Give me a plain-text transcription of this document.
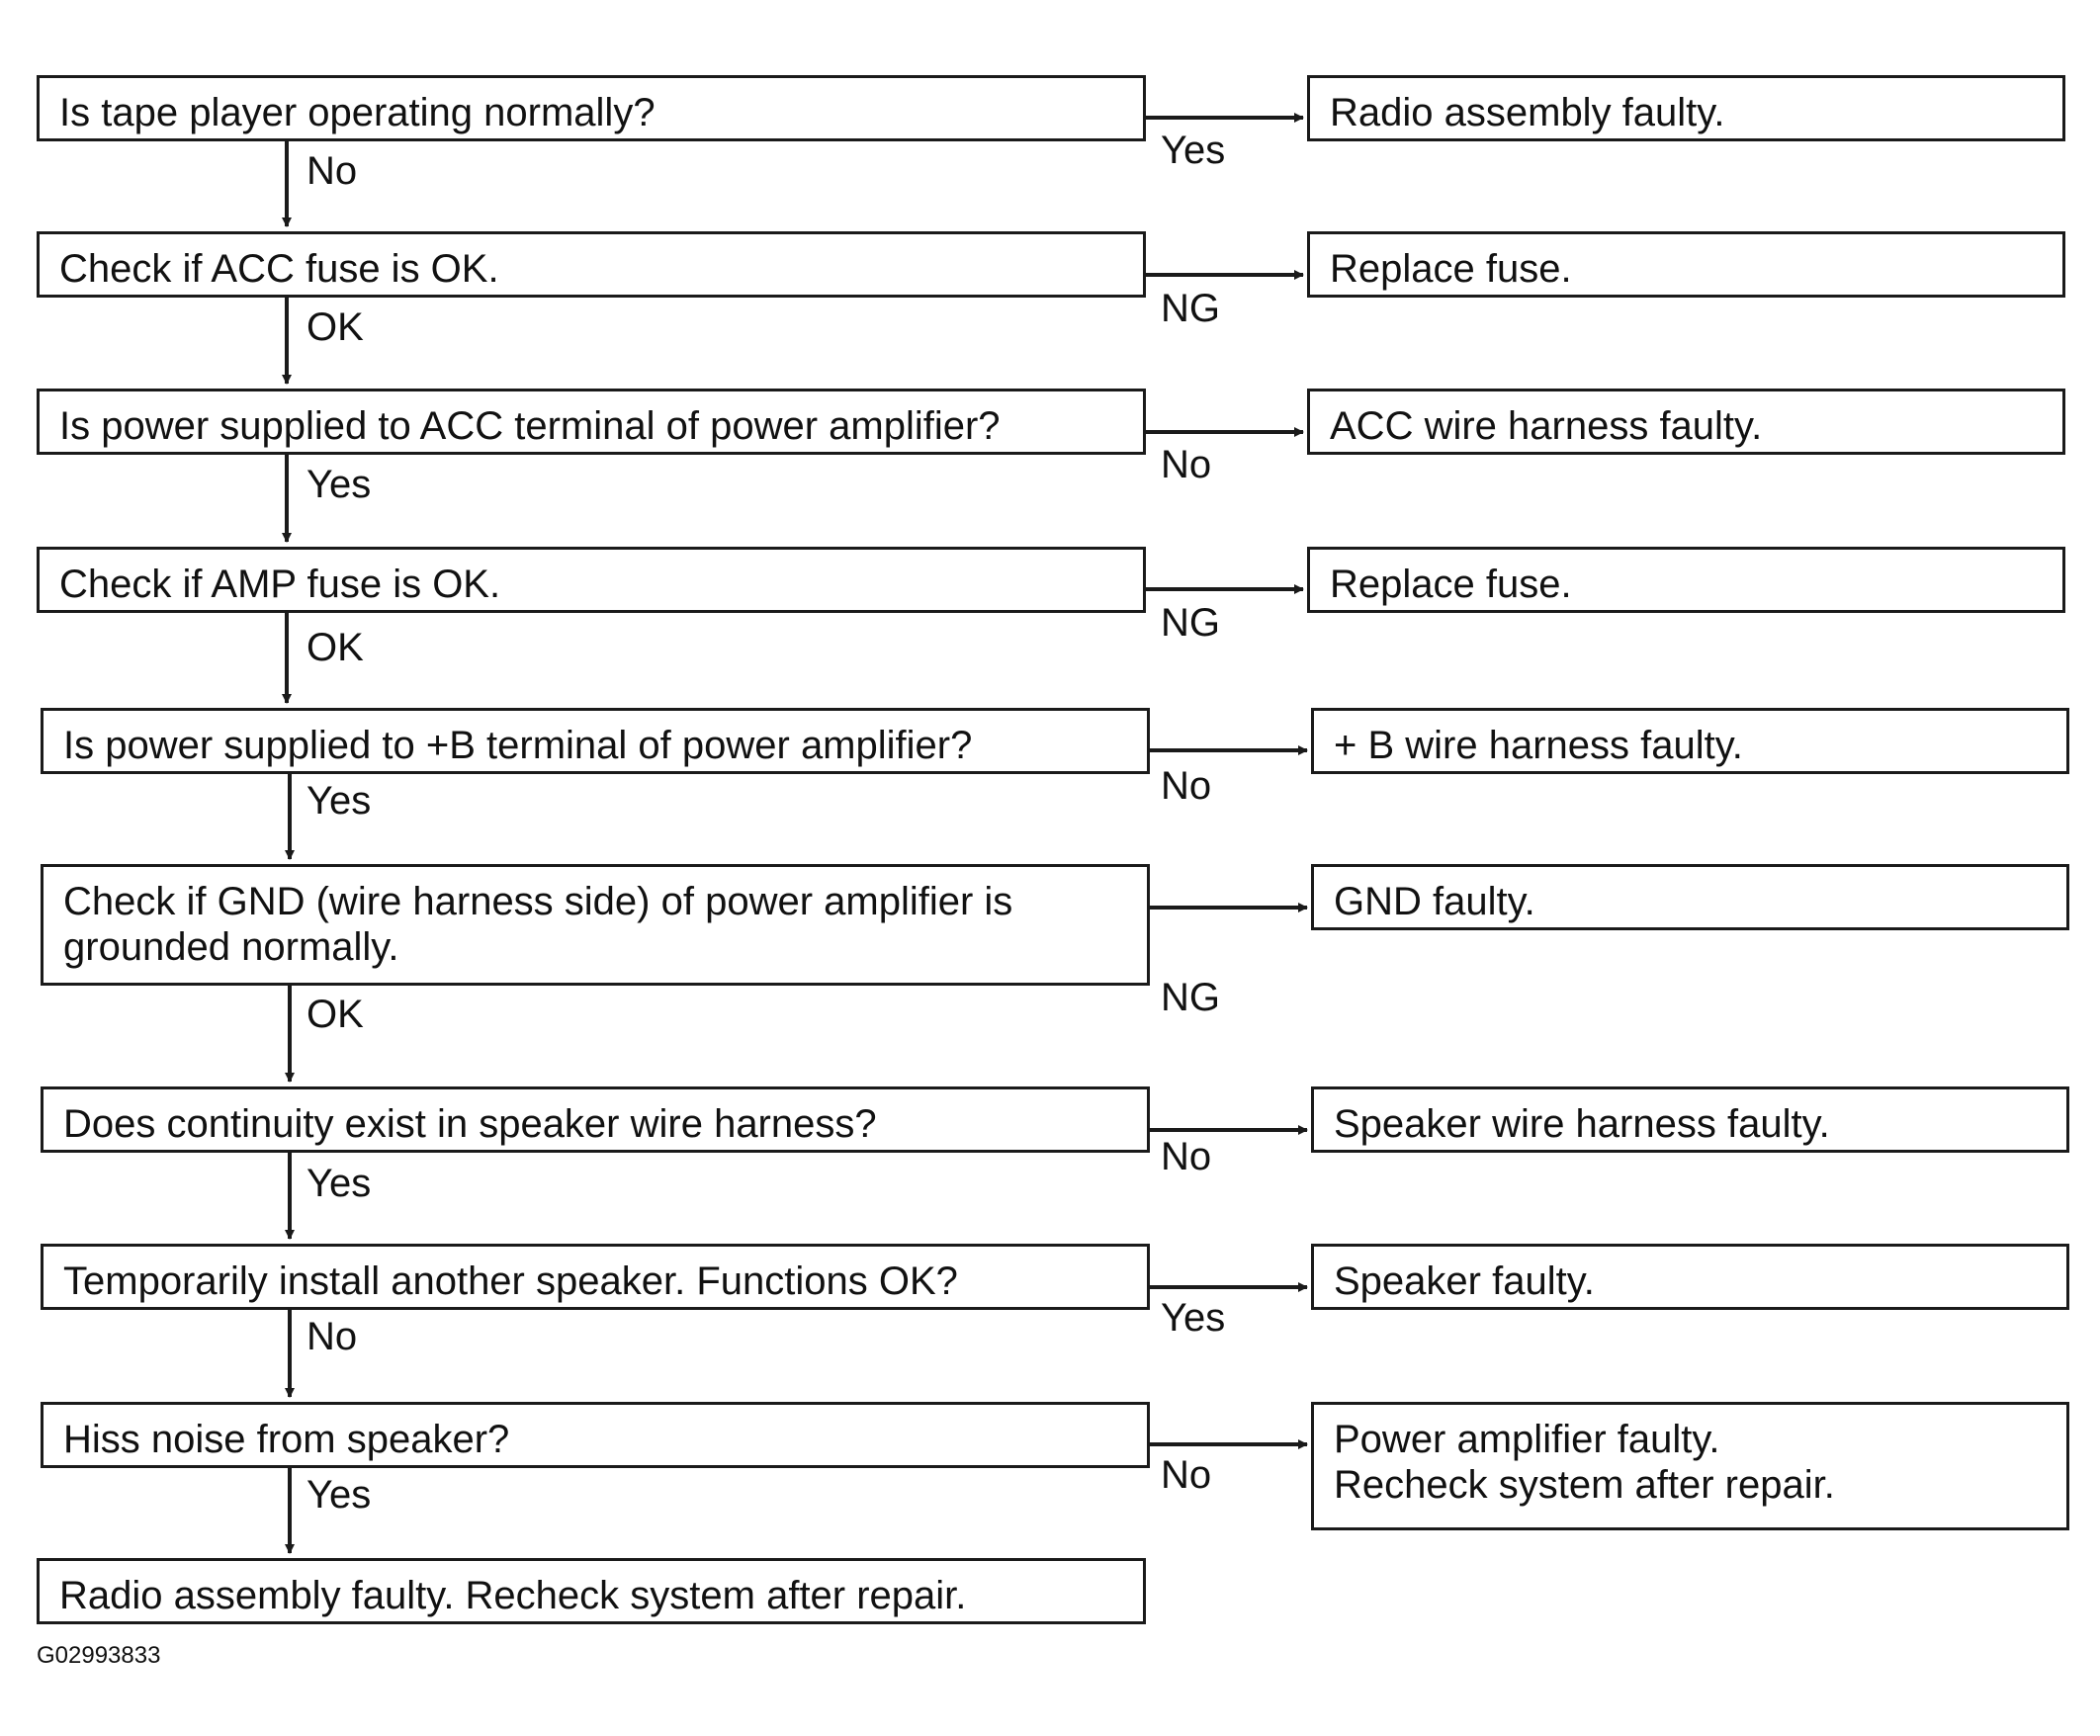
Is tape player operating normally?	Radio assembly faulty.
No	Yes
Check if ACC fuse is OK.	Replace fuse.
OK	NG
Is power supplied to ACC terminal of power amplifier?	ACC wire harness faulty.
Yes	No
Check if AMP fuse is OK.	Replace fuse.
OK
NG
Is power supplied to +B terminal of power amplifier?	+ B wire harness faulty.
Yes	No
Check if GND (wire harness side) of power amplifier is
grounded normally.
GND faulty.
OK	NG
Does continuity exist in speaker wire harness?	Speaker wire harness faulty.
Yes
No
Temporarily install another speaker. Functions OK?	Speaker faulty.
No	Yes
Hiss noise from speaker?	Power amplifier faulty.
Recheck system after repair.
Yes	No
Radio assembly faulty. Recheck system after repair.
G02993833
